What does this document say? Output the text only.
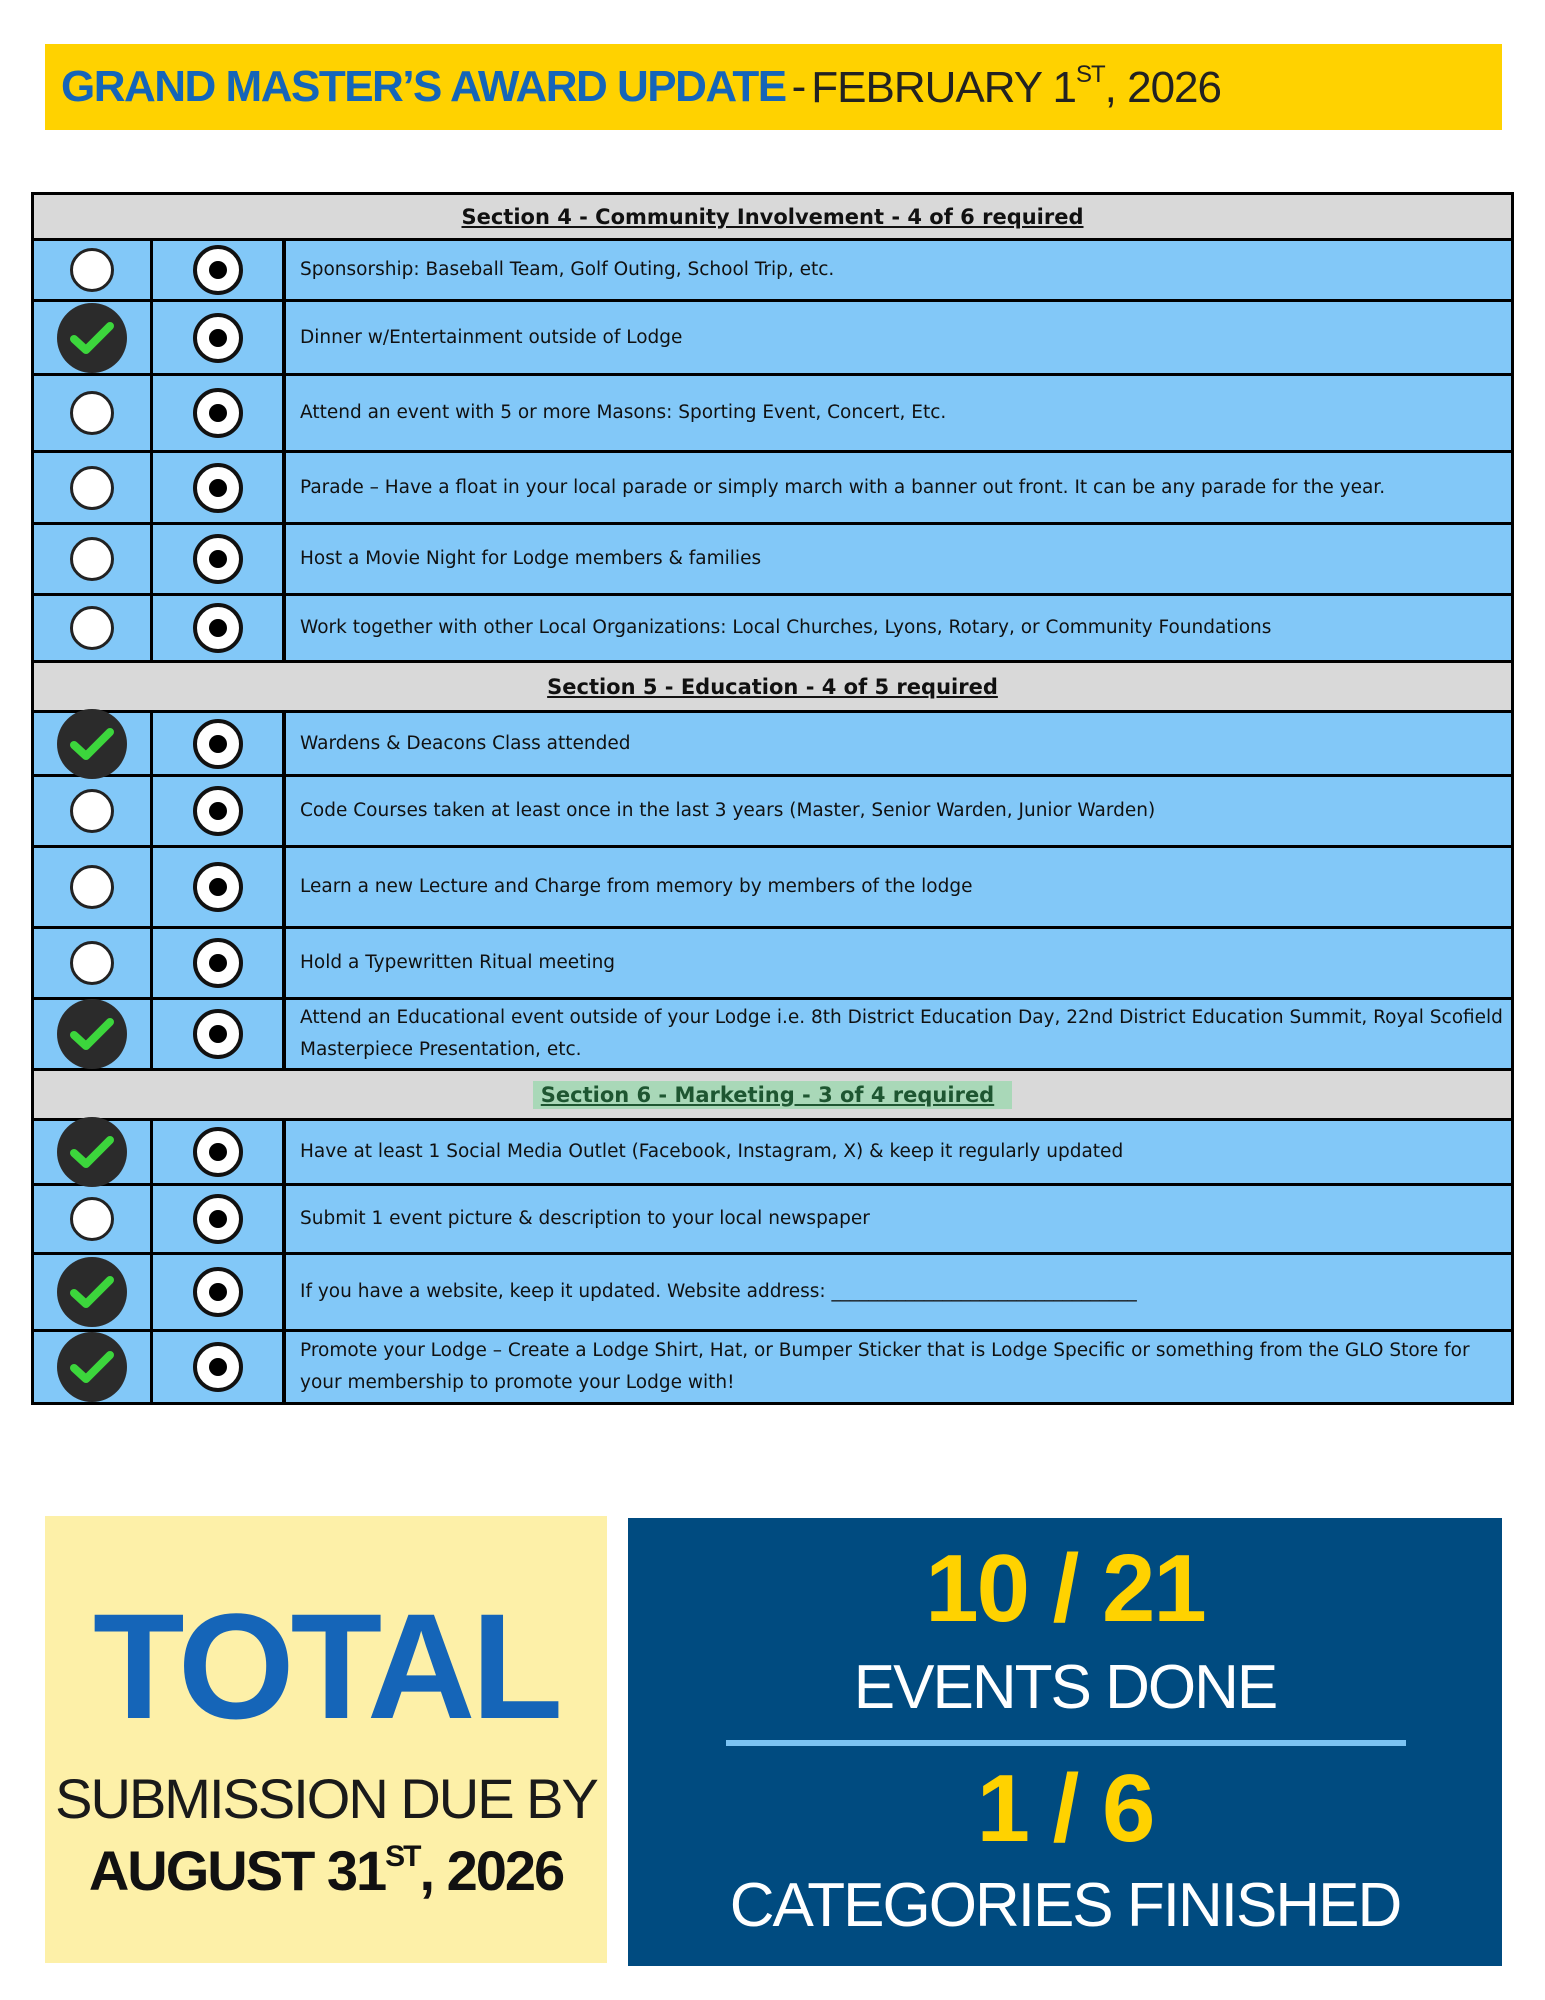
GRAND MASTER’S AWARD UPDATE - FEBRUARY 1ST, 2026
Section 4 - Community Involvement - 4 of 6 required
Sponsorship: Baseball Team, Golf Outing, School Trip, etc.
Dinner w/Entertainment outside of Lodge
Attend an event with 5 or more Masons: Sporting Event, Concert, Etc.
Parade – Have a float in your local parade or simply march with a banner out front. It can be any parade for the year.
Host a Movie Night for Lodge members & families
Work together with other Local Organizations: Local Churches, Lyons, Rotary, or Community Foundations
Section 5 - Education - 4 of 5 required
Wardens & Deacons Class attended
Code Courses taken at least once in the last 3 years (Master, Senior Warden, Junior Warden)
Learn a new Lecture and Charge from memory by members of the lodge
Hold a Typewritten Ritual meeting
Attend an Educational event outside of your Lodge i.e. 8th District Education Day, 22nd District Education Summit, Royal Scofield Masterpiece Presentation, etc.
Section 6 - Marketing - 3 of 4 required
Have at least 1 Social Media Outlet (Facebook, Instagram, X) & keep it regularly updated
Submit 1 event picture & description to your local newspaper
If you have a website, keep it updated. Website address: _________________________________
Promote your Lodge – Create a Lodge Shirt, Hat, or Bumper Sticker that is Lodge Specific or something from the GLO Store for your membership to promote your Lodge with!
TOTAL
SUBMISSION DUE BY
AUGUST 31ST, 2026
10 / 21
EVENTS DONE
1 / 6
CATEGORIES FINISHED
